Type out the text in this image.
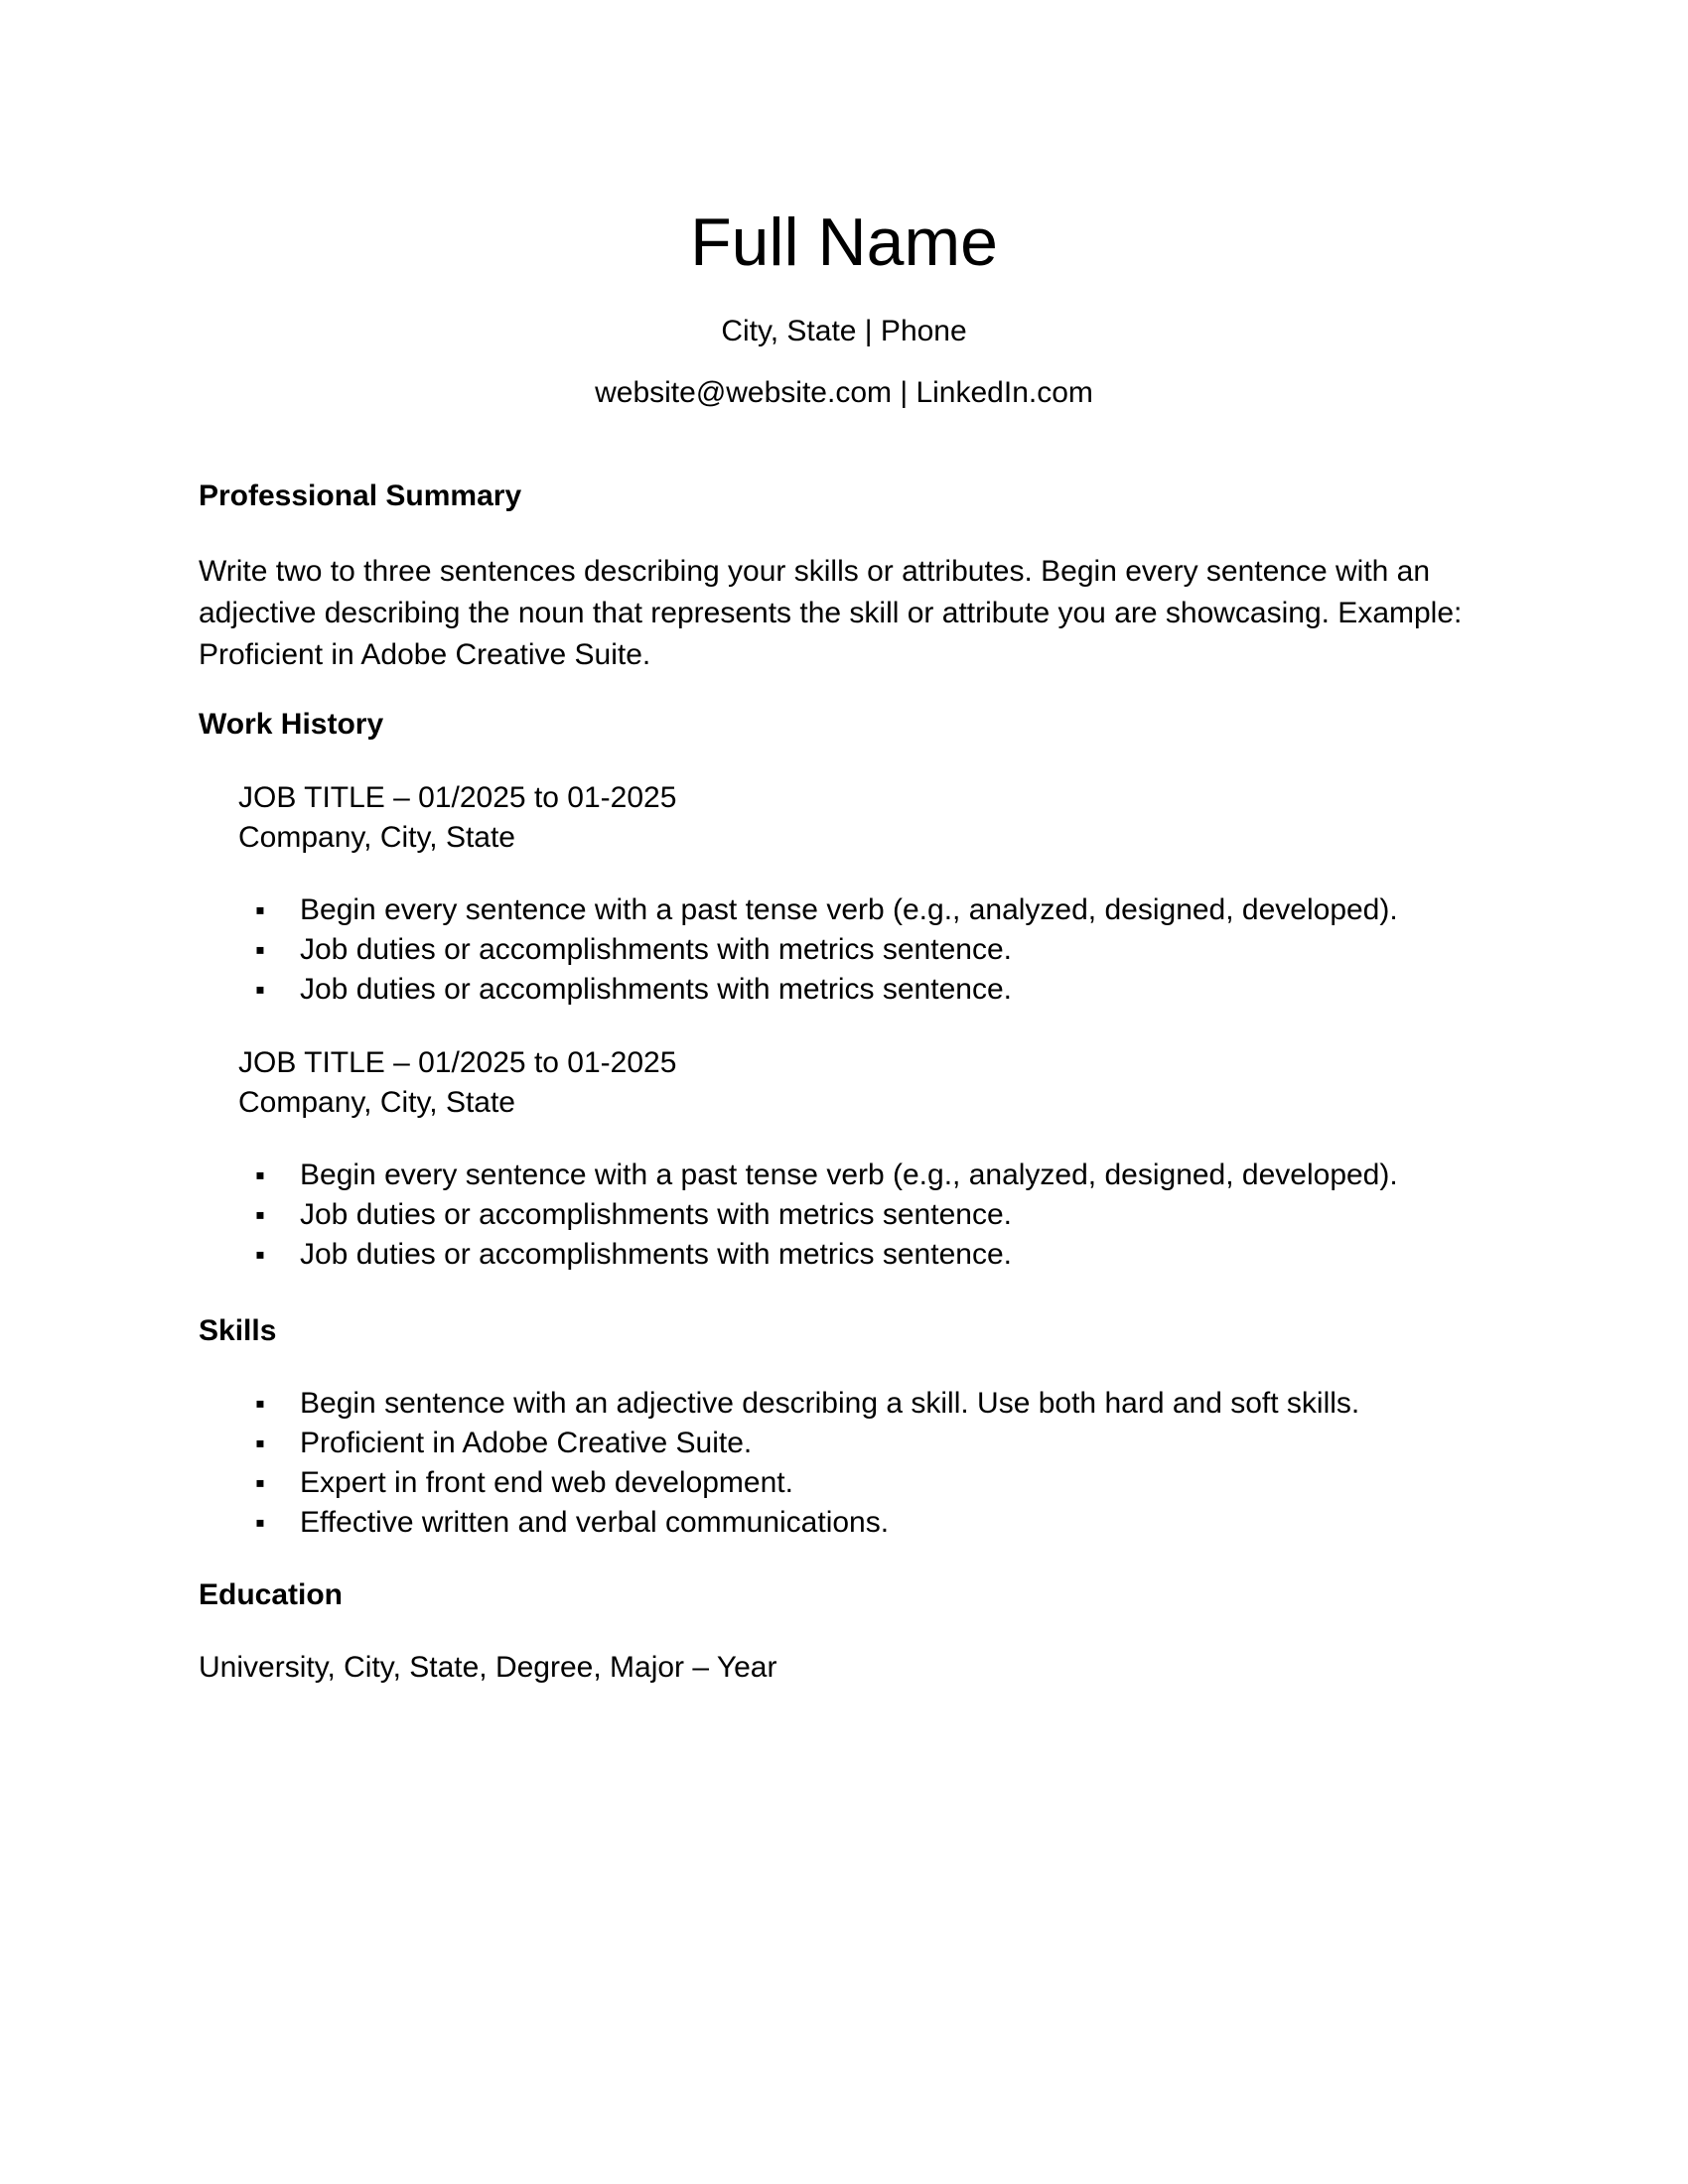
Full Name

City, State | Phone

website@website.com | LinkedIn.com

Professional Summary

Write two to three sentences describing your skills or attributes. Begin every sentence with an adjective describing the noun that represents the skill or attribute you are showcasing. Example: Proficient in Adobe Creative Suite.

Work History
JOB TITLE – 01/2025 to 01-2025
Company, City, State
▪ Begin every sentence with a past tense verb (e.g., analyzed, designed, developed).
▪ Job duties or accomplishments with metrics sentence.
▪ Job duties or accomplishments with metrics sentence.
JOB TITLE – 01/2025 to 01-2025
Company, City, State
▪ Begin every sentence with a past tense verb (e.g., analyzed, designed, developed).
▪ Job duties or accomplishments with metrics sentence.
▪ Job duties or accomplishments with metrics sentence.
Skills
▪ Begin sentence with an adjective describing a skill. Use both hard and soft skills.
▪ Proficient in Adobe Creative Suite.
▪ Expert in front end web development.
▪ Effective written and verbal communications.
Education

University, City, State, Degree, Major – Year
